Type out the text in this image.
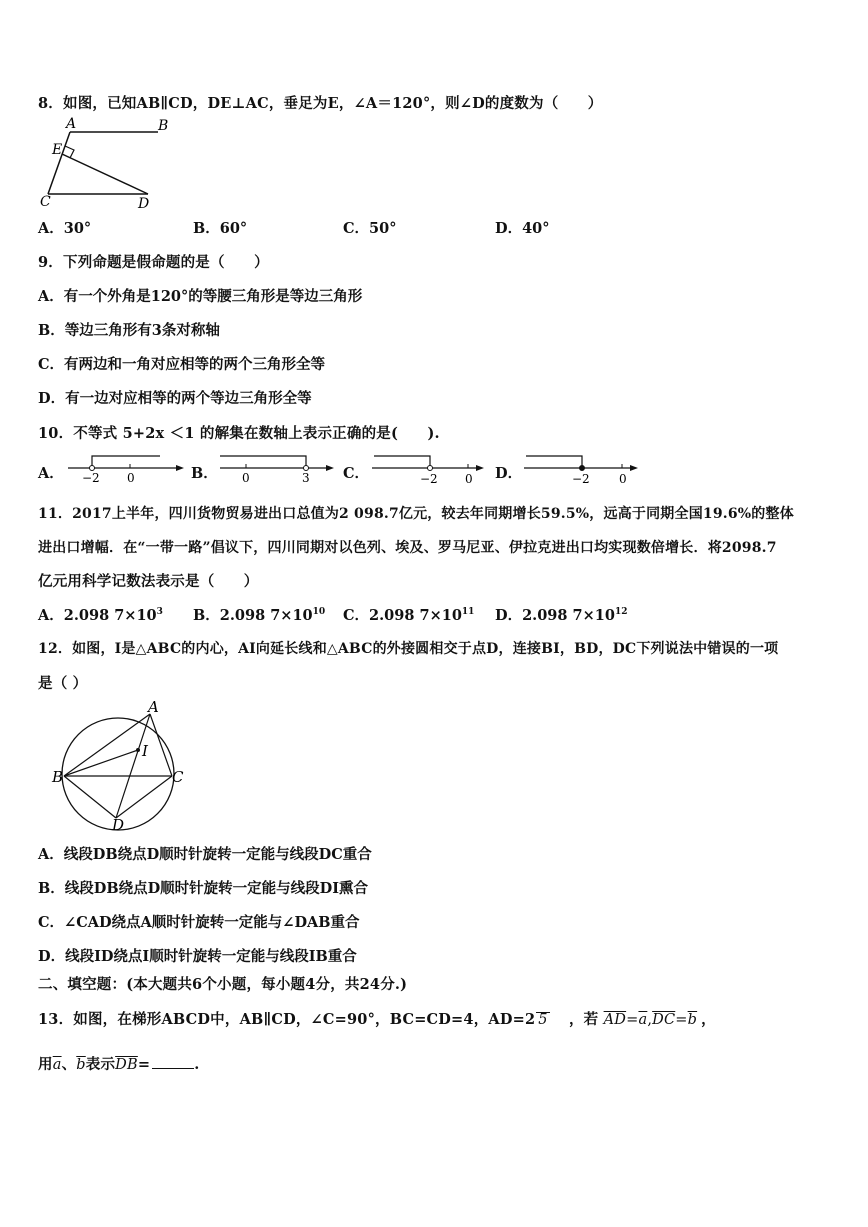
8．如图，已知AB∥CD，DE⊥AC，垂足为E，∠A＝120°，则∠D的度数为（　　）
A	B
E
C	D
A．30°	B．60°	C．50°	D．40°
9．下列命题是假命题的是（　　）
A．有一个外角是120°的等腰三角形是等边三角形
B．等边三角形有3条对称轴
C．有两边和一角对应相等的两个三角形全等
D．有一边对应相等的两个等边三角形全等
10．不等式 5+2x ＜1 的解集在数轴上表示正确的是(　　).
A． −2 0	B． 0	3 C．	−2 0 D．	−2 0
11．2017上半年，四川货物贸易进出口总值为2 098.7亿元，较去年同期增长59.5%，远高于同期全国19.6%的整体
进出口增幅．在“一带一路”倡议下，四川同期对以色列、埃及、罗马尼亚、伊拉克进出口均实现数倍增长．将2098.7
亿元用科学记数法表示是（　　）
A．2.098 $7\times 10^3$ B．2.098 $7\times 10^{10}$ C．2.098 $7\times 10^{11}$ D．2.098 $7\times 10^{12}$
12．如图，I是△ABC的内心，AI向延长线和△ABC的外接圆相交于点D，连接BI，BD，DC下列说法中错误的一项
是（ ）
A
I
B	C
D
A．线段DB绕点D顺时针旋转一定能与线段DC重合
B．线段DB绕点D顺时针旋转一定能与线段DI熏合
C．∠CAD绕点A顺时针旋转一定能与∠DAB重合
D．线段ID绕点I顺时针旋转一定能与线段IB重合
二、填空题：(本大题共6个小题，每小题4分，共24分.)
13．如图，在梯形ABCD中，AB∥CD，∠C=90°，BC=CD=4，AD=2 5 ，若 $\overline{AD}=\overline{a},\overline{DC}=\overline{b}$ ，
用$\overline{a}$、$\overline{b}$表示$\overline{DB}=$	.
